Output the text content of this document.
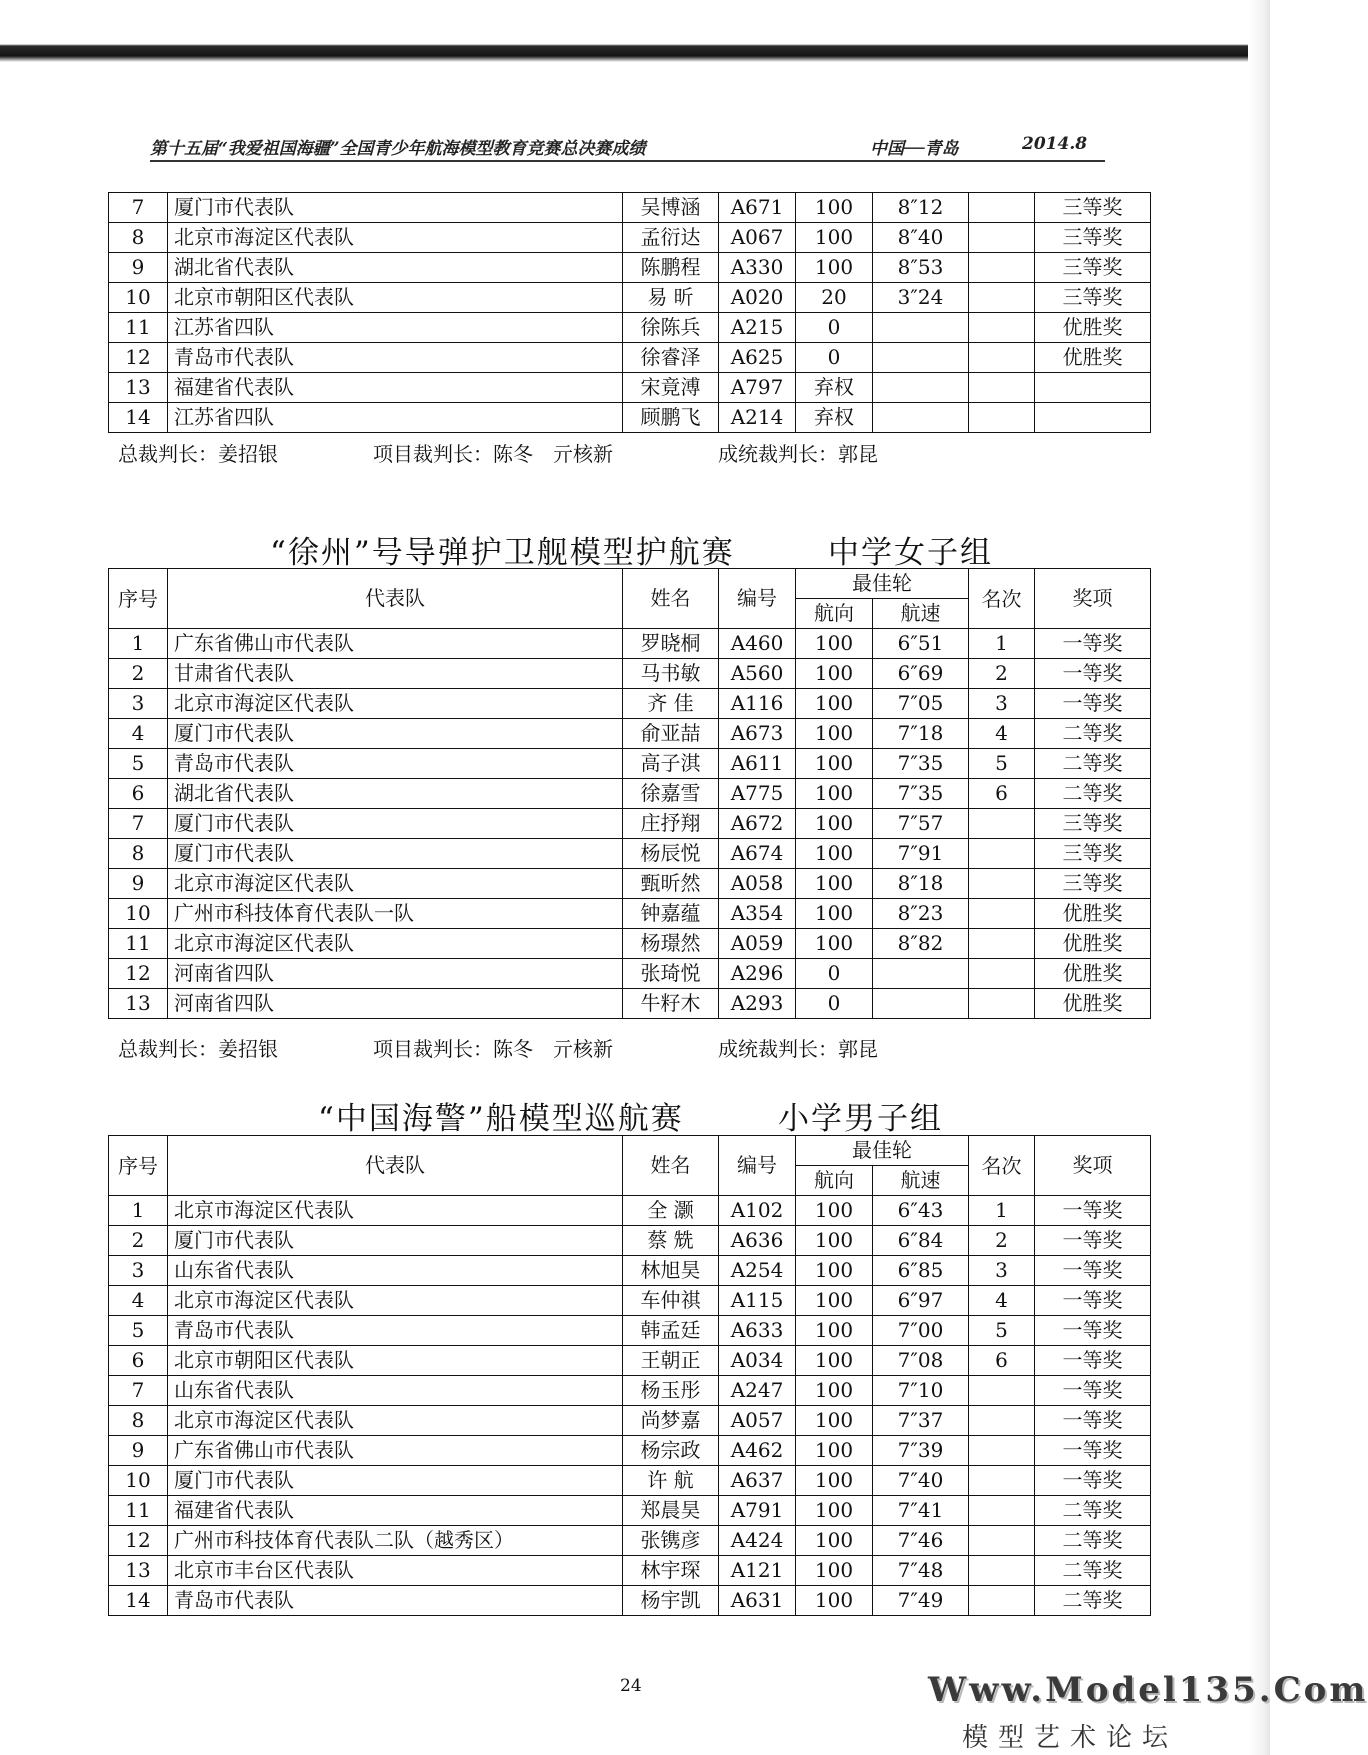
第十五届“我爱祖国海疆”全国青少年航海模型教育竞赛总决赛成绩	中国──青岛	2014.8
7	厦门市代表队	吴博涵	A671	100	8″12		三等奖
8	北京市海淀区代表队	孟衍达	A067	100	8″40		三等奖
9	湖北省代表队	陈鹏程	A330	100	8″53		三等奖
10	北京市朝阳区代表队	易 昕	A020	20	3″24		三等奖
11	江苏省四队	徐陈兵	A215	0			优胜奖
12	青岛市代表队	徐睿泽	A625	0			优胜奖
13	福建省代表队	宋竟溥	A797	弃权			
14	江苏省四队	顾鹏飞	A214	弃权			
总裁判长：姜招银	项目裁判长：陈冬　亓核新	成统裁判长：郭昆
“徐州”号导弹护卫舰模型护航赛	中学女子组
序号	代表队	姓名	编号	最佳轮		名次	奖项
				航向	航速		
1	广东省佛山市代表队	罗晓桐	A460	100	6″51	1	一等奖
2	甘肃省代表队	马书敏	A560	100	6″69	2	一等奖
3	北京市海淀区代表队	齐 佳	A116	100	7″05	3	一等奖
4	厦门市代表队	俞亚喆	A673	100	7″18	4	二等奖
5	青岛市代表队	高子淇	A611	100	7″35	5	二等奖
6	湖北省代表队	徐嘉雪	A775	100	7″35	6	二等奖
7	厦门市代表队	庄抒翔	A672	100	7″57		三等奖
8	厦门市代表队	杨辰悦	A674	100	7″91		三等奖
9	北京市海淀区代表队	甄昕然	A058	100	8″18		三等奖
10	广州市科技体育代表队一队	钟嘉蕴	A354	100	8″23		优胜奖
11	北京市海淀区代表队	杨璟然	A059	100	8″82		优胜奖
12	河南省四队	张琦悦	A296	0			优胜奖
13	河南省四队	牛籽木	A293	0			优胜奖
总裁判长：姜招银	项目裁判长：陈冬　亓核新	成统裁判长：郭昆
“中国海警”船模型巡航赛	小学男子组
序号	代表队	姓名	编号	最佳轮		名次	奖项
				航向	航速		
1	北京市海淀区代表队	全 灏	A102	100	6″43	1	一等奖
2	厦门市代表队	蔡 兟	A636	100	6″84	2	一等奖
3	山东省代表队	林旭昊	A254	100	6″85	3	一等奖
4	北京市海淀区代表队	车仲祺	A115	100	6″97	4	一等奖
5	青岛市代表队	韩孟廷	A633	100	7″00	5	一等奖
6	北京市朝阳区代表队	王朝正	A034	100	7″08	6	一等奖
7	山东省代表队	杨玉彤	A247	100	7″10		一等奖
8	北京市海淀区代表队	尚梦嘉	A057	100	7″37		一等奖
9	广东省佛山市代表队	杨宗政	A462	100	7″39		一等奖
10	厦门市代表队	许 航	A637	100	7″40		一等奖
11	福建省代表队	郑晨昊	A791	100	7″41		二等奖
12	广州市科技体育代表队二队（越秀区）	张镌彦	A424	100	7″46		二等奖
13	北京市丰台区代表队	林宇琛	A121	100	7″48		二等奖
14	青岛市代表队	杨宇凯	A631	100	7″49		二等奖
24	Www.Model135.Com
模型艺术论坛
